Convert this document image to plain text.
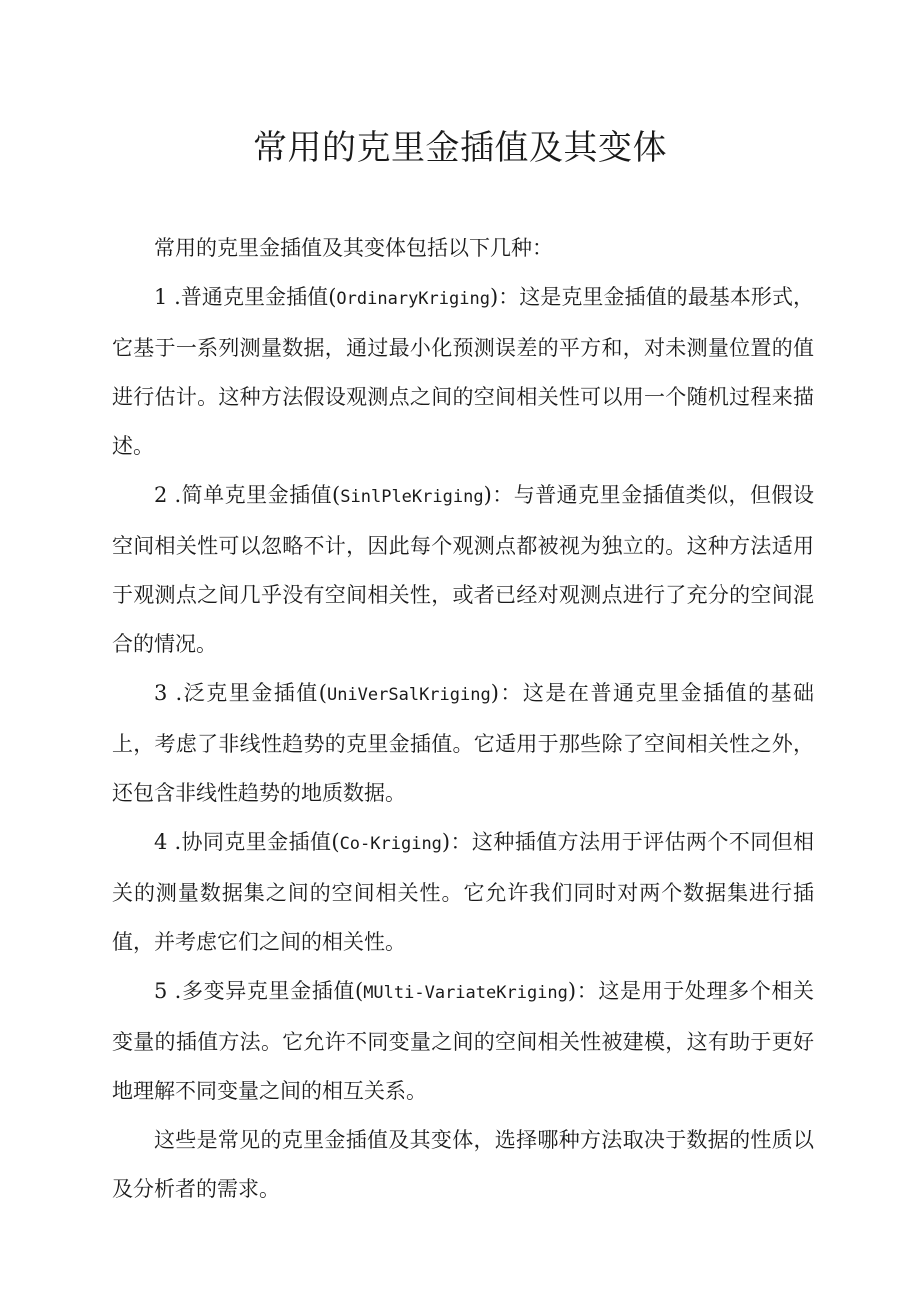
常用的克里金插值及其变体

常用的克里金插值及其变体包括以下几种：

1 .普通克里金插值(OrdinaryKriging)：这是克里金插值的最基本形式，它基于一系列测量数据，通过最小化预测误差的平方和，对未测量位置的值进行估计。这种方法假设观测点之间的空间相关性可以用一个随机过程来描述。

2 .简单克里金插值(SinlPleKriging)：与普通克里金插值类似，但假设空间相关性可以忽略不计，因此每个观测点都被视为独立的。这种方法适用于观测点之间几乎没有空间相关性，或者已经对观测点进行了充分的空间混合的情况。

3 .泛克里金插值(UniVerSalKriging)：这是在普通克里金插值的基础上，考虑了非线性趋势的克里金插值。它适用于那些除了空间相关性之外，还包含非线性趋势的地质数据。

4 .协同克里金插值(Co-Kriging)：这种插值方法用于评估两个不同但相关的测量数据集之间的空间相关性。它允许我们同时对两个数据集进行插值，并考虑它们之间的相关性。

5 .多变异克里金插值(MUlti-VariateKriging)：这是用于处理多个相关变量的插值方法。它允许不同变量之间的空间相关性被建模，这有助于更好地理解不同变量之间的相互关系。

这些是常见的克里金插值及其变体，选择哪种方法取决于数据的性质以及分析者的需求。
